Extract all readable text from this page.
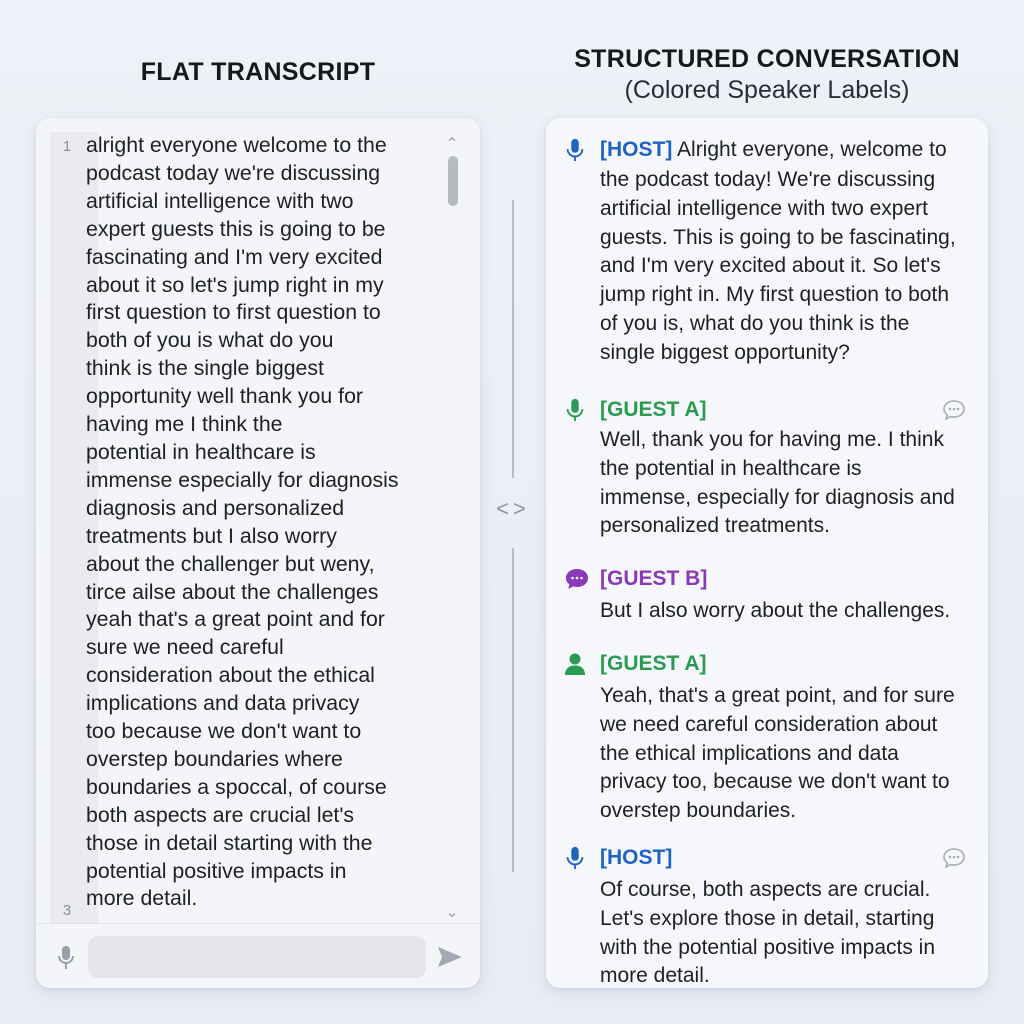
FLAT TRANSCRIPT	STRUCTURED CONVERSATION
(Colored Speaker Labels)
1
3
alright everyone welcome to the
podcast today we're discussing
artificial intelligence with two
expert guests this is going to be
fascinating and I'm very excited
about it so let's jump right in my
first question to first question to
both of you is what do you
think is the single biggest
opportunity well thank you for
having me I think the
potential in healthcare is
immense especially for diagnosis
diagnosis and personalized
treatments but I also worry
about the challenger but weny,
tirce ailse about the challenges
yeah that's a great point and for
sure we need careful
consideration about the ethical
implications and data privacy
too because we don't want to
overstep boundaries where
boundaries a spoccal, of course
both aspects are crucial let's
those in detail starting with the
potential positive impacts in
more detail.
⌃
⌄
<>
[HOST] Alright everyone, welcome to
the podcast today! We're discussing
artificial intelligence with two expert
guests. This is going to be fascinating,
and I'm very excited about it. So let's
jump right in. My first question to both
of you is, what do you think is the
single biggest opportunity?
[GUEST A]
Well, thank you for having me. I think
the potential in healthcare is
immense, especially for diagnosis and
personalized treatments.
[GUEST B]
But I also worry about the challenges.
[GUEST A]
Yeah, that's a great point, and for sure
we need careful consideration about
the ethical implications and data
privacy too, because we don't want to
overstep boundaries.
[HOST]
Of course, both aspects are crucial.
Let's explore those in detail, starting
with the potential positive impacts in
more detail.
